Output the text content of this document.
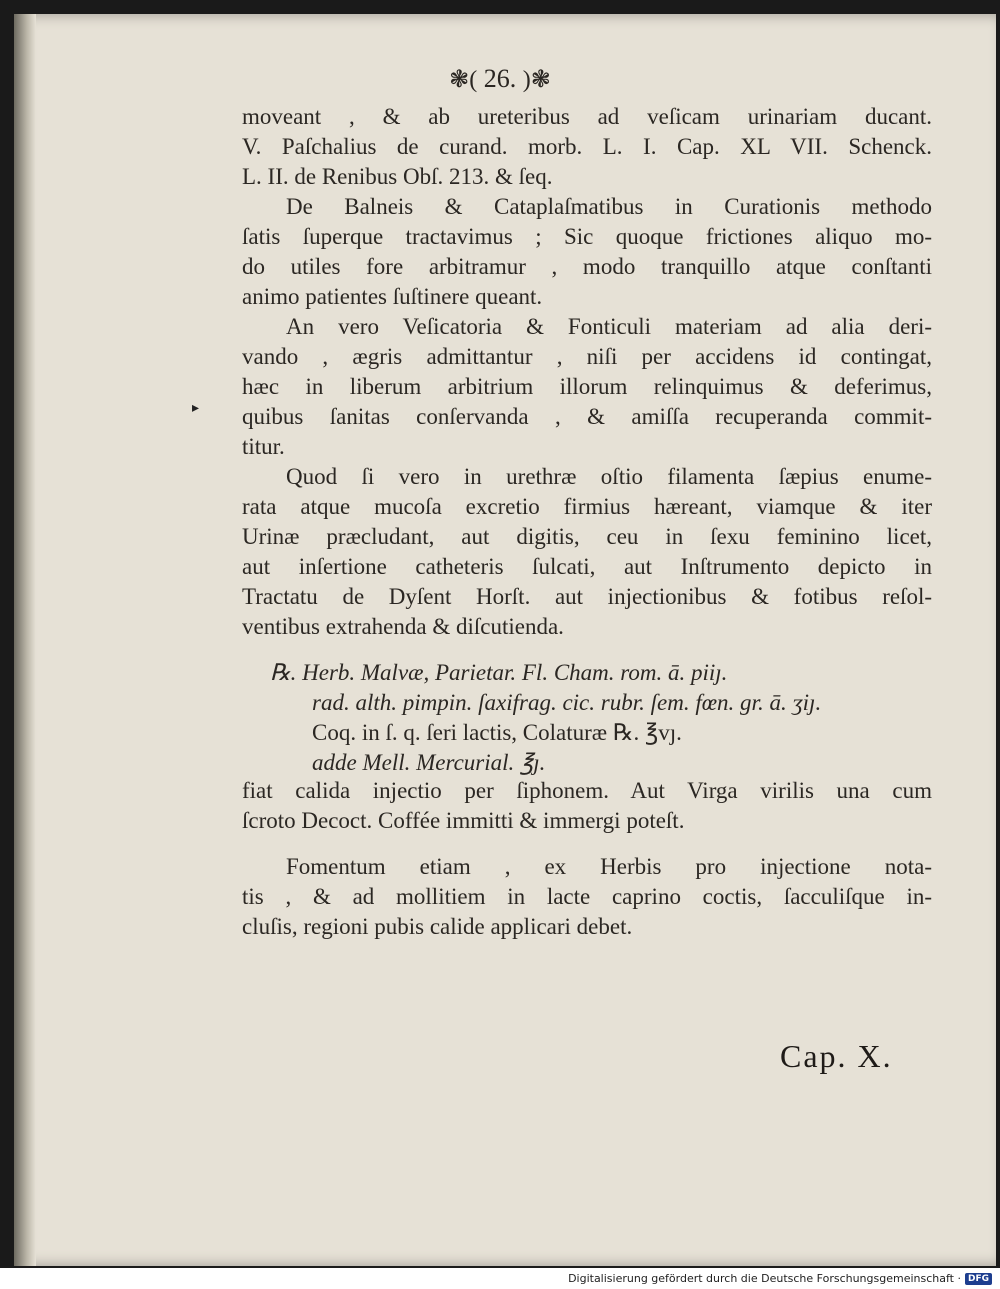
❃( 26. )❃
▸
moveant , & ab ureteribus ad veſicam urinariam ducant.
V. Paſchalius de curand. morb. L. I. Cap. XL VII. Schenck.
L. II. de Renibus Obſ. 213. & ſeq.
De Balneis & Cataplaſmatibus in Curationis methodo
ſatis ſuperque tractavimus ; Sic quoque frictiones aliquo mo-
do utiles fore arbitramur , modo tranquillo atque conſtanti
animo patientes ſuſtinere queant.
An vero Veſicatoria & Fonticuli materiam ad alia deri-
vando , ægris admittantur , niſi per accidens id contingat,
hæc in liberum arbitrium illorum relinquimus & deferimus,
quibus ſanitas conſervanda , & amiſſa recuperanda commit-
titur.
Quod ſi vero in urethræ oſtio filamenta ſæpius enume-
rata atque mucoſa excretio firmius hæreant, viamque & iter
Urinæ præcludant, aut digitis, ceu in ſexu feminino licet,
aut inſertione catheteris ſulcati, aut Inſtrumento depicto in
Tractatu de Dyſent Horſt. aut injectionibus & fotibus reſol-
ventibus extrahenda & diſcutienda.
℞. Herb. Malvæ, Parietar. Fl. Cham. rom. ā. piiȷ.
rad. alth. pimpin. ſaxifrag. cic. rubr. ſem. fœn. gr. ā. ʒiȷ.
Coq. in ſ. q. ſeri lactis, Colaturæ ℞. ℥vȷ.
adde Mell. Mercurial. ℥ȷ.
fiat calida injectio per ſiphonem. Aut Virga virilis una cum
ſcroto Decoct. Coffée immitti & immergi poteſt.
Fomentum etiam , ex Herbis pro injectione nota-
tis , & ad mollitiem in lacte caprino coctis, ſacculiſque in-
cluſis, regioni pubis calide applicari debet.
Cap. X.
Digitalisierung gefördert durch die Deutsche Forschungsgemeinschaft · DFG
